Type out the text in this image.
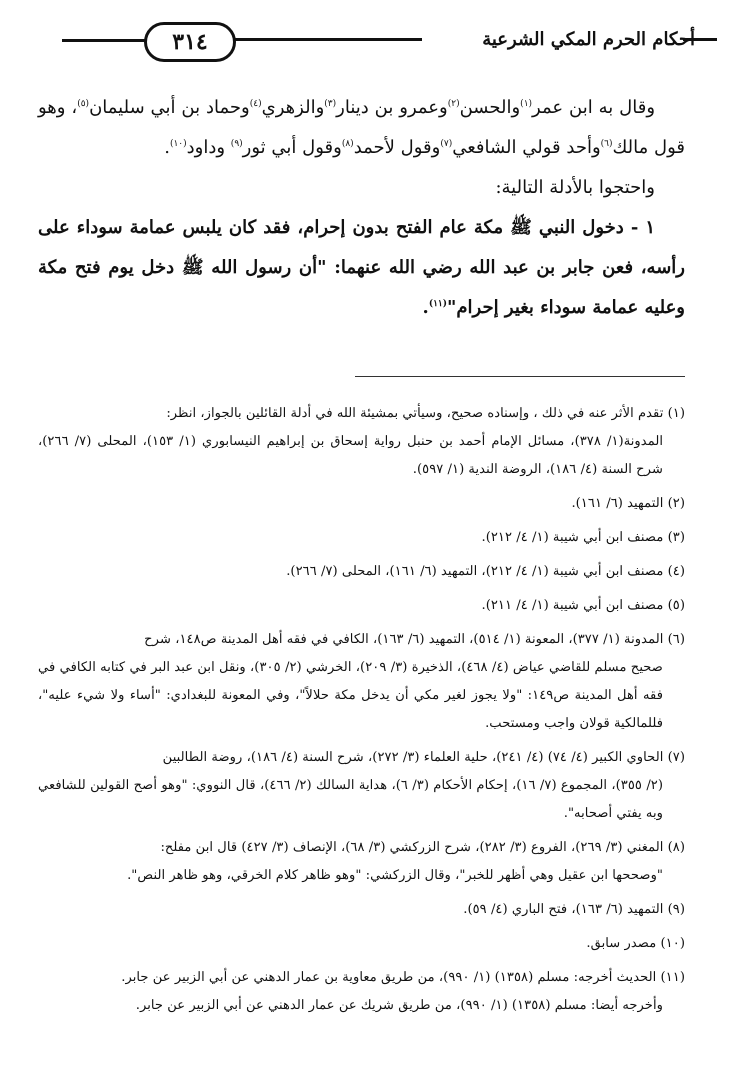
أحكام الحرم المكي الشرعية
٣١٤

وقال به ابن عمر$^{(١)}$والحسن$^{(٢)}$وعمرو بن دينار$^{(٣)}$والزهري$^{(٤)}$وحماد بن أبي سليمان$^{(٥)}$، وهو قول مالك$^{(٦)}$وأحد قولي الشافعي$^{(٧)}$وقول لأحمد$^{(٨)}$وقول أبي ثور$^{(٩)}$ وداود$^{(١٠)}$.

واحتجوا بالأدلة التالية:

١ - دخول النبي ﷺ مكة عام الفتح بدون إحرام، فقد كان يلبس عمامة سوداء على رأسه، فعن جابر بن عبد الله رضي الله عنهما: "أن رسول الله ﷺ دخل يوم فتح مكة وعليه عمامة سوداء بغير إحرام"$^{(١١)}$.

(١) تقدم الأثر عنه في ذلك ، وإسناده صحيح، وسيأتي بمشيئة الله في أدلة القائلين بالجواز، انظر:
المدونة(١/ ٣٧٨)، مسائل الإمام أحمد بن حنبل رواية إسحاق بن إبراهيم النيسابوري (١/ ١٥٣)، المحلى (٧/ ٢٦٦)، شرح السنة (٤/ ١٨٦)، الروضة الندية (١/ ٥٩٧).
(٢) التمهيد (٦/ ١٦١).
(٣) مصنف ابن أبي شيبة (١/ ٤/ ٢١٢).
(٤) مصنف ابن أبي شيبة (١/ ٤/ ٢١٢)، التمهيد (٦/ ١٦١)، المحلى (٧/ ٢٦٦).
(٥) مصنف ابن أبي شيبة (١/ ٤/ ٢١١).
(٦) المدونة (١/ ٣٧٧)، المعونة (١/ ٥١٤)، التمهيد (٦/ ١٦٣)، الكافي في فقه أهل المدينة ص١٤٨، شرح
صحيح مسلم للقاضي عياض (٤/ ٤٦٨)، الذخيرة (٣/ ٢٠٩)، الخرشي (٢/ ٣٠٥)، ونقل ابن عبد البر في كتابه الكافي في فقه أهل المدينة ص١٤٩: "ولا يجوز لغير مكي أن يدخل مكة حلالاً"، وفي المعونة للبغدادي: "أساء ولا شيء عليه"، فللمالكية قولان واجب ومستحب.
(٧) الحاوي الكبير (٤/ ٧٤) (٤/ ٢٤١)، حلية العلماء (٣/ ٢٧٢)، شرح السنة (٤/ ١٨٦)، روضة الطالبين
(٢/ ٣٥٥)، المجموع (٧/ ١٦)، إحكام الأحكام (٣/ ٦)، هداية السالك (٢/ ٤٦٦)، قال النووي: "وهو أصح القولين للشافعي وبه يفتي أصحابه".
(٨) المغني (٣/ ٢٦٩)، الفروع (٣/ ٢٨٢)، شرح الزركشي (٣/ ٦٨)، الإنصاف (٣/ ٤٢٧) قال ابن مفلح:
"وصححها ابن عقيل وهي أظهر للخبر"، وقال الزركشي: "وهو ظاهر كلام الخرقي، وهو ظاهر النص".
(٩) التمهيد (٦/ ١٦٣)، فتح الباري (٤/ ٥٩).
(١٠) مصدر سابق.
(١١) الحديث أخرجه: مسلم (١٣٥٨) (١/ ٩٩٠)، من طريق معاوية بن عمار الدهني عن أبي الزبير عن جابر.
وأخرجه أيضا: مسلم (١٣٥٨) (١/ ٩٩٠)، من طريق شريك عن عمار الدهني عن أبي الزبير عن جابر.
